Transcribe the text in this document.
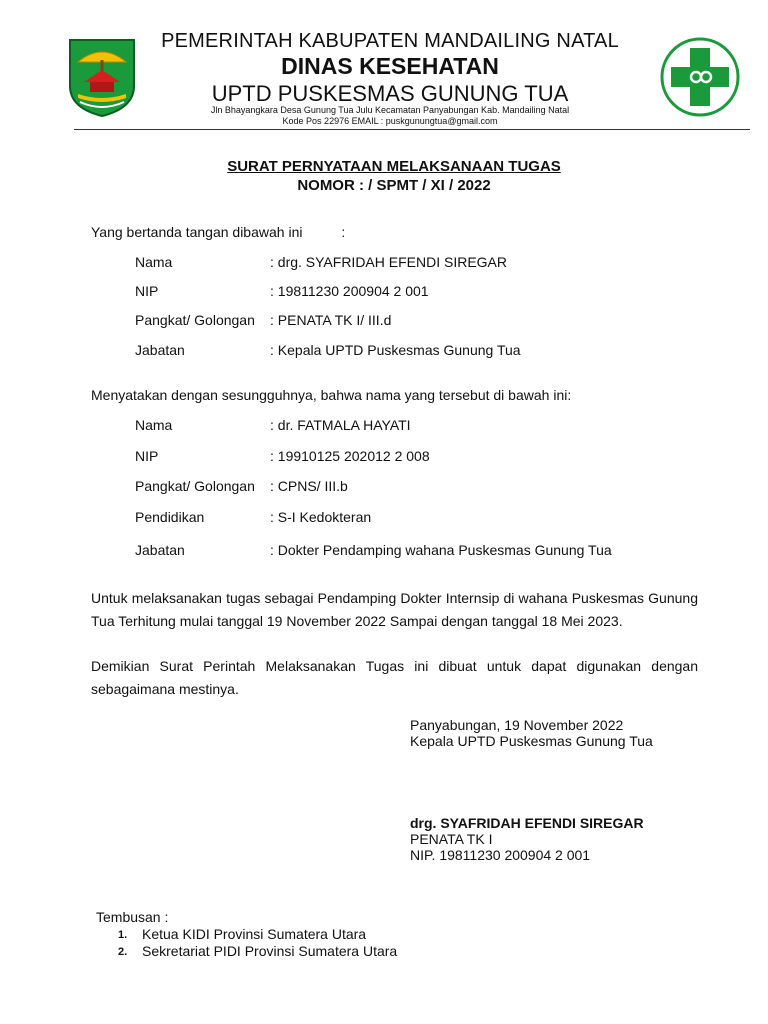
PEMERINTAH KABUPATEN MANDAILING NATAL
DINAS KESEHATAN
UPTD PUSKESMAS GUNUNG TUA
Jln Bhayangkara Desa Gunung Tua Julu Kecamatan Panyabungan Kab. Mandailing Natal
Kode Pos 22976 EMAIL : puskgunungtua@gmail.com
SURAT PERNYATAAN MELAKSANAAN TUGAS
NOMOR : / SPMT / XI / 2022
Yang bertanda tangan dibawah ini          :
Nama	: drg. SYAFRIDAH EFENDI SIREGAR
NIP	: 19811230 200904 2 001
Pangkat/ Golongan : PENATA TK I/ III.d
Jabatan	: Kepala UPTD Puskesmas Gunung Tua
Menyatakan dengan sesungguhnya, bahwa nama yang tersebut di bawah ini:
Nama	: dr. FATMALA HAYATI
NIP	: 19910125 202012 2 008
Pangkat/ Golongan : CPNS/ III.b
Pendidikan	: S-I Kedokteran
Jabatan	: Dokter Pendamping wahana Puskesmas Gunung Tua
Untuk melaksanakan tugas sebagai Pendamping Dokter Internsip di wahana Puskesmas Gunung Tua Terhitung mulai tanggal 19 November 2022 Sampai dengan tanggal 18 Mei 2023.
Demikian Surat Perintah Melaksanakan Tugas ini dibuat untuk dapat digunakan dengan sebagaimana mestinya.
Panyabungan, 19 November 2022
Kepala UPTD Puskesmas Gunung Tua
drg. SYAFRIDAH EFENDI SIREGAR
PENATA TK I
NIP. 19811230 200904 2 001
Tembusan :
1. Ketua KIDI Provinsi Sumatera Utara
2. Sekretariat PIDI Provinsi Sumatera Utara
